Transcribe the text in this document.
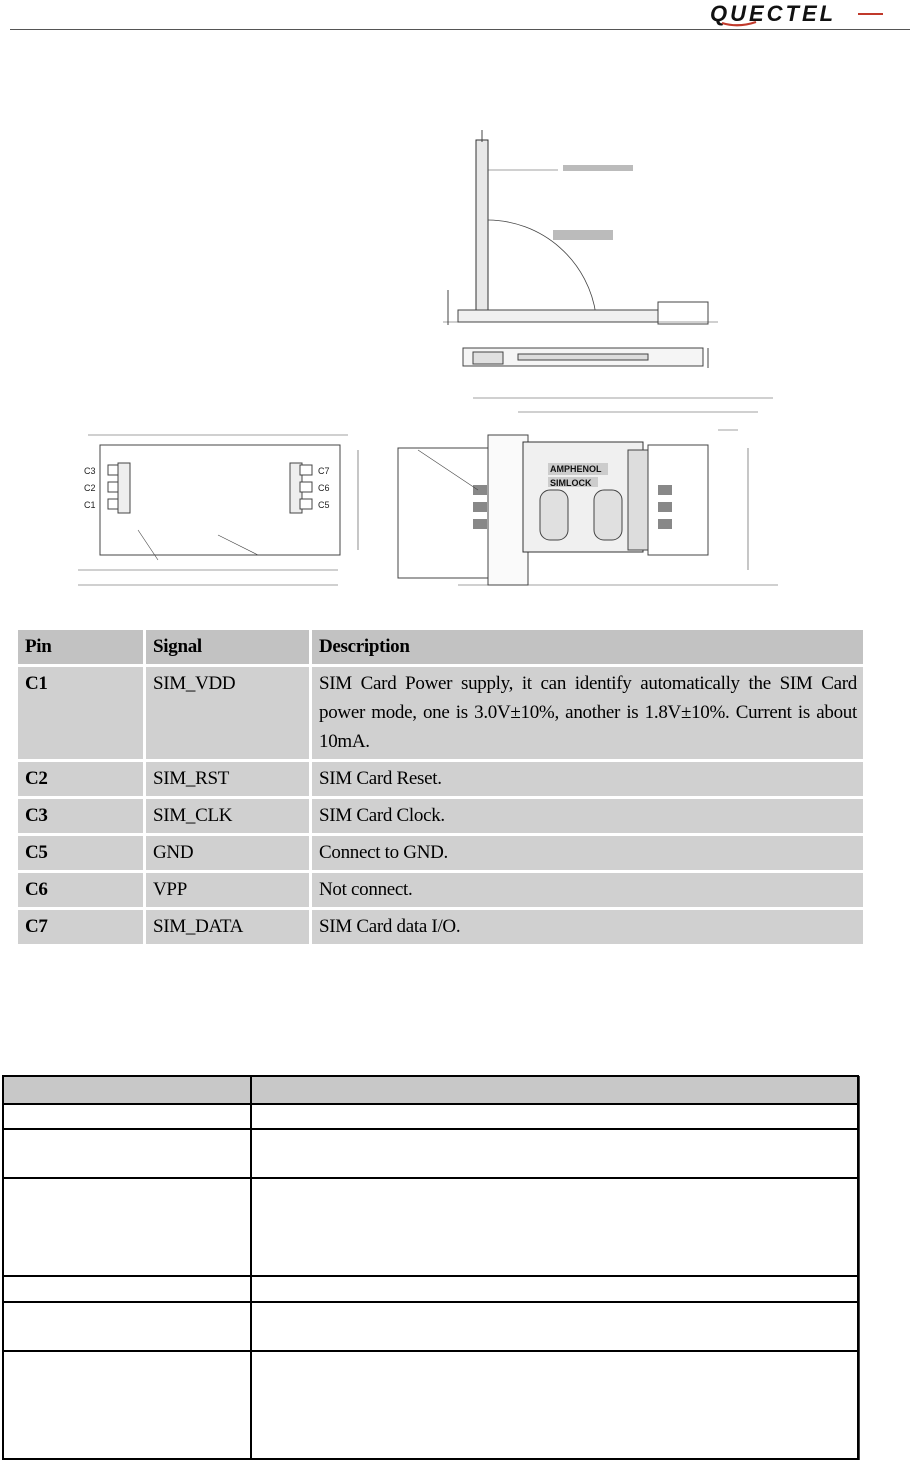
QUECTEL
AMPHENOL
SIMLOCK
C3
C2
C1
C7
C6
C5
Pin	Signal	Description
C1	SIM_VDD	SIM Card Power supply, it can identify automatically the SIM Card power mode, one is 3.0V±10%, another is 1.8V±10%. Current is about 10mA.
C2	SIM_RST	SIM Card Reset.
C3	SIM_CLK	SIM Card Clock.
C5	GND	Connect to GND.
C6	VPP	Not connect.
C7	SIM_DATA	SIM Card data I/O.
